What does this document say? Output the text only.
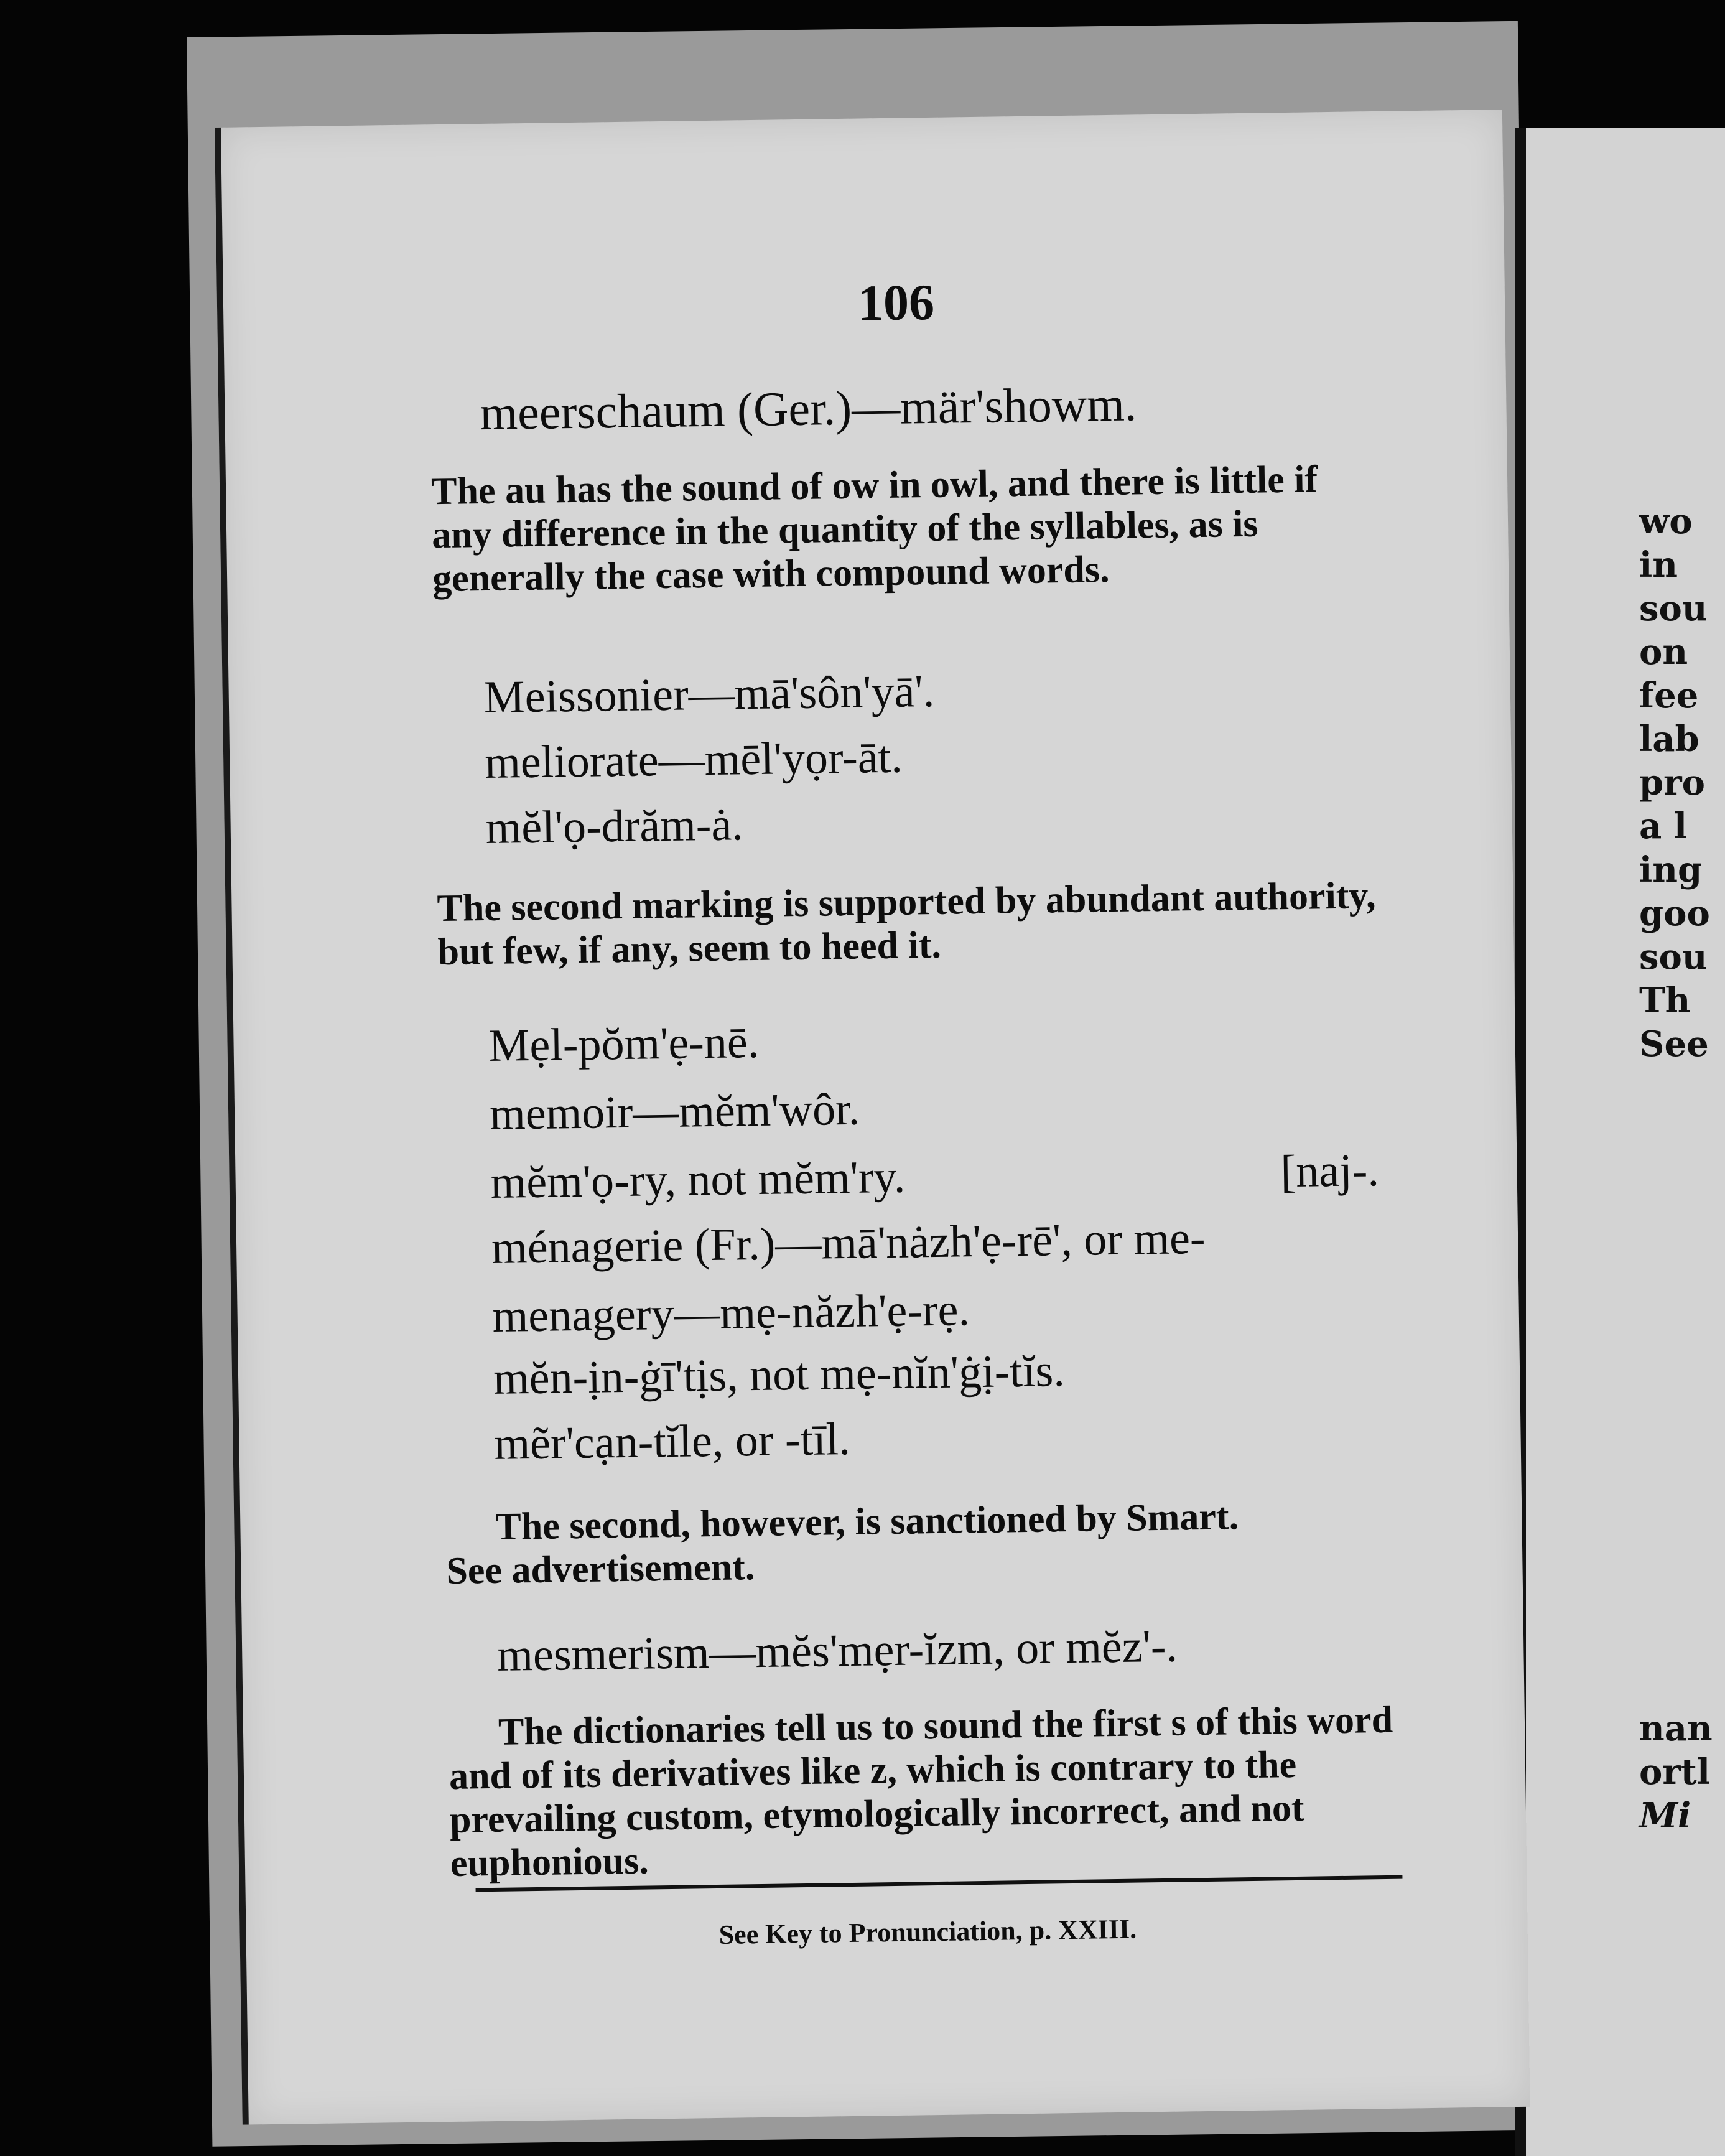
106
meerschaum (Ger.)—mär'showm.

The au has the sound of ow in owl, and there is little if any difference in the quantity of the syllables, as is generally the case with compound words.

Meissonier—mā'sôn'yā'.
meliorate—mēl'yọr-āt.
mĕl'ọ-drăm-ȧ.

The second marking is supported by abundant authority, but few, if any, seem to heed it.

Mẹl-pŏm'ẹ-nē.
memoir—mĕm'wôr.
mĕm'ọ-ry, not mĕm'ry.	[naj-.
ménagerie (Fr.)—mā'nȧzh'ẹ-rē', or me-
menagery—mẹ-năzh'ẹ-rẹ.
mĕn-ịn-ġī'tịs, not mẹ-nĭn'ġị-tĭs.
mẽr'cạn-tĭle, or -tīl.

The second, however, is sanctioned by Smart.

See advertisement.

mesmerism—mĕs'mẹr-ĭzm, or mĕz'-.

The dictionaries tell us to sound the first s of this word and of its derivatives like z, which is contrary to the prevailing custom, etymologically incorrect, and not euphonious.

See Key to Pronunciation, p. XXIII.
wo
in
sou
on
fee
lab
pro
a l
ing
goo
sou
Th
See
nan
ortl
Mi
